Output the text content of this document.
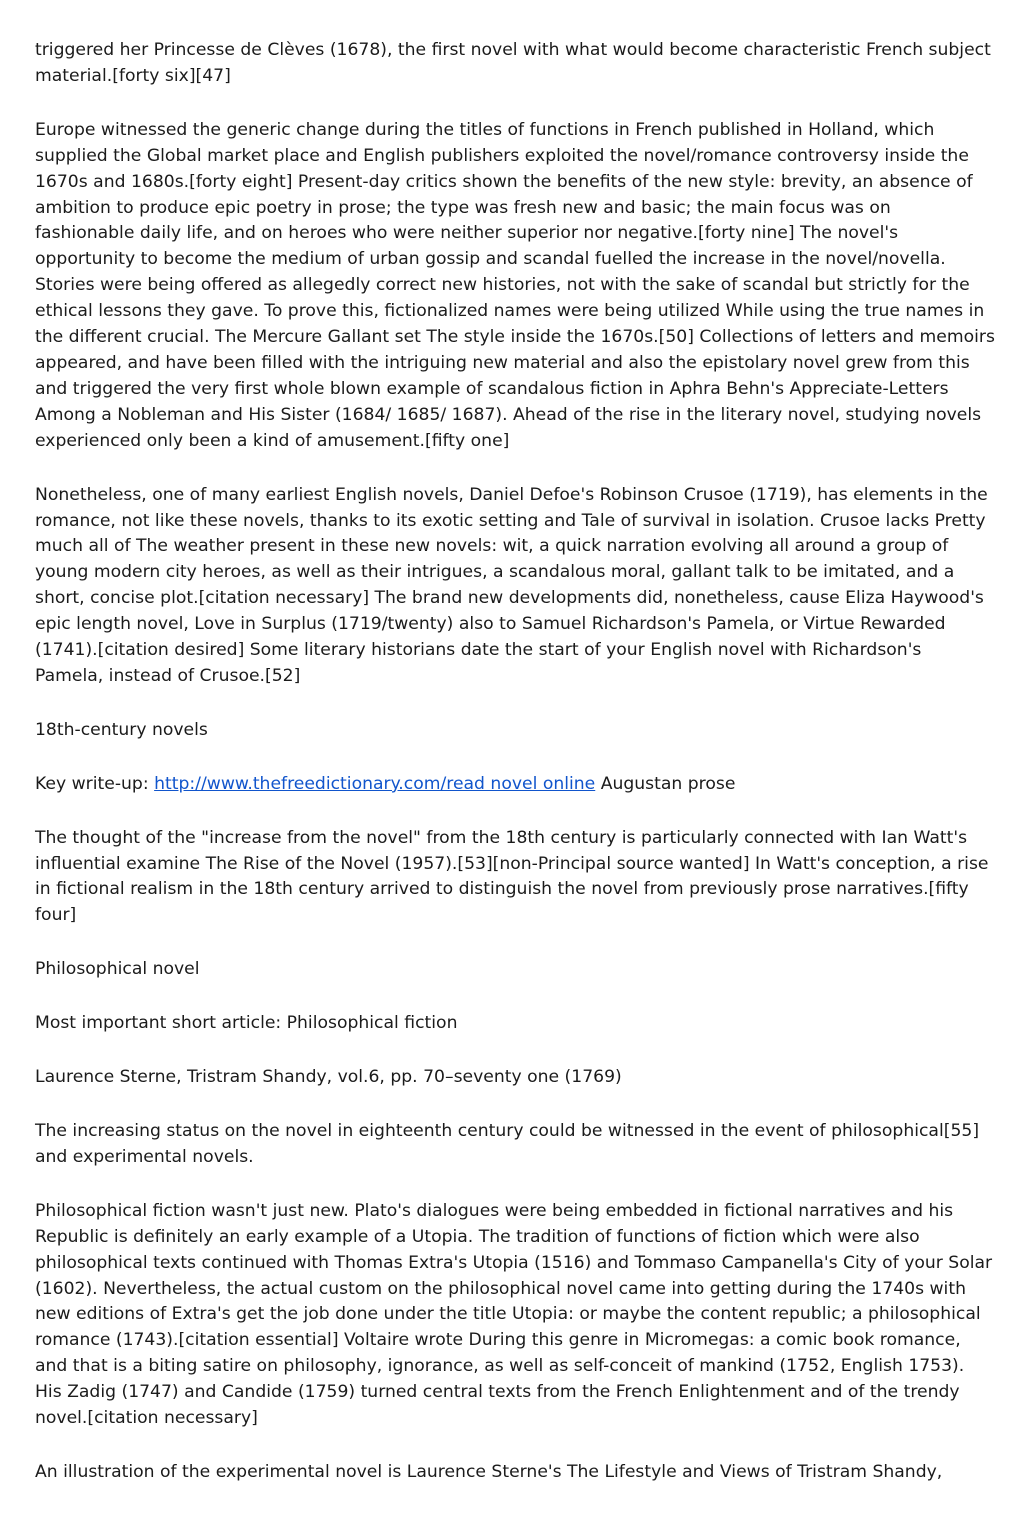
triggered her Princesse de Clèves (1678), the first novel with what would become characteristic French subject material.[forty six][47]

Europe witnessed the generic change during the titles of functions in French published in Holland, which supplied the Global market place and English publishers exploited the novel/romance controversy inside the 1670s and 1680s.[forty eight] Present-day critics shown the benefits of the new style: brevity, an absence of ambition to produce epic poetry in prose; the type was fresh new and basic; the main focus was on fashionable daily life, and on heroes who were neither superior nor negative.[forty nine] The novel's opportunity to become the medium of urban gossip and scandal fuelled the increase in the novel/novella. Stories were being offered as allegedly correct new histories, not with the sake of scandal but strictly for the ethical lessons they gave. To prove this, fictionalized names were being utilized While using the true names in the different crucial. The Mercure Gallant set The style inside the 1670s.[50] Collections of letters and memoirs appeared, and have been filled with the intriguing new material and also the epistolary novel grew from this and triggered the very first whole blown example of scandalous fiction in Aphra Behn's Appreciate-Letters Among a Nobleman and His Sister (1684/ 1685/ 1687). Ahead of the rise in the literary novel, studying novels experienced only been a kind of amusement.[fifty one]

Nonetheless, one of many earliest English novels, Daniel Defoe's Robinson Crusoe (1719), has elements in the romance, not like these novels, thanks to its exotic setting and Tale of survival in isolation. Crusoe lacks Pretty much all of The weather present in these new novels: wit, a quick narration evolving all around a group of young modern city heroes, as well as their intrigues, a scandalous moral, gallant talk to be imitated, and a short, concise plot.[citation necessary] The brand new developments did, nonetheless, cause Eliza Haywood's epic length novel, Love in Surplus (1719/twenty) also to Samuel Richardson's Pamela, or Virtue Rewarded (1741).[citation desired] Some literary historians date the start of your English novel with Richardson's Pamela, instead of Crusoe.[52]

18th-century novels

Key write-up: http://www.thefreedictionary.com/read novel online Augustan prose

The thought of the "increase from the novel" from the 18th century is particularly connected with Ian Watt's influential examine The Rise of the Novel (1957).[53][non-Principal source wanted] In Watt's conception, a rise in fictional realism in the 18th century arrived to distinguish the novel from previously prose narratives.[fifty four]

Philosophical novel

Most important short article: Philosophical fiction

Laurence Sterne, Tristram Shandy, vol.6, pp. 70–seventy one (1769)

The increasing status on the novel in eighteenth century could be witnessed in the event of philosophical[55] and experimental novels.

Philosophical fiction wasn't just new. Plato's dialogues were being embedded in fictional narratives and his Republic is definitely an early example of a Utopia. The tradition of functions of fiction which were also philosophical texts continued with Thomas Extra's Utopia (1516) and Tommaso Campanella's City of your Solar (1602). Nevertheless, the actual custom on the philosophical novel came into getting during the 1740s with new editions of Extra's get the job done under the title Utopia: or maybe the content republic; a philosophical romance (1743).[citation essential] Voltaire wrote During this genre in Micromegas: a comic book romance, and that is a biting satire on philosophy, ignorance, as well as self-conceit of mankind (1752, English 1753). His Zadig (1747) and Candide (1759) turned central texts from the French Enlightenment and of the trendy novel.[citation necessary]

An illustration of the experimental novel is Laurence Sterne's The Lifestyle and Views of Tristram Shandy,
